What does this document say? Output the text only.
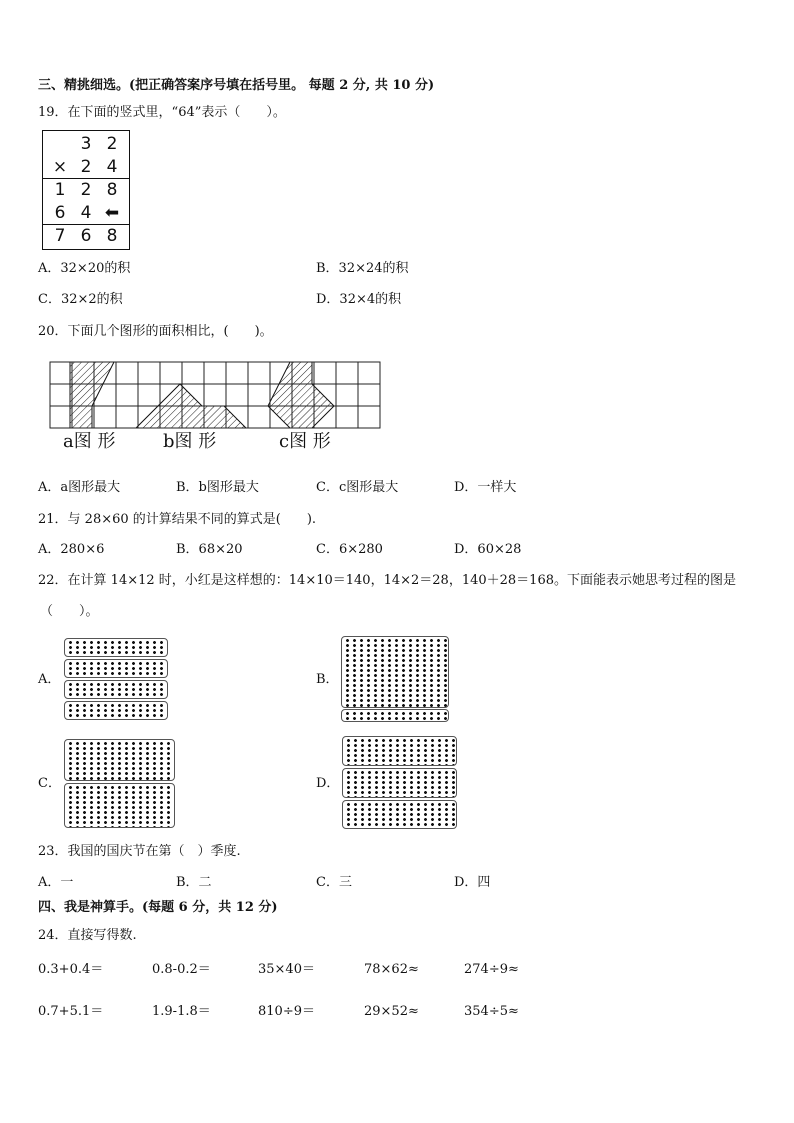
三、精挑细选。(把正确答案序号填在括号里。 每题 2 分, 共 10 分)
19．在下面的竖式里，“64”表示（　　）。
3 2
× 2 4
1 2 8
6 4 ⬅
7 6 8
A．32×20的积	B．32×24的积
C．32×2的积	D．32×4的积
20．下面几个图形的面积相比，(　　)。
a图 形	b图 形	c图 形
A．a图形最大	B．b图形最大	C．c图形最大	D．一样大
21．与 28×60 的计算结果不同的算式是(　　).
A．280×6	B．68×20	C．6×280	D．60×28
22．在计算 14×12 时，小红是这样想的：14×10＝140，14×2＝28，140＋28＝168。下面能表示她思考过程的图是
（　　）。
A．	B．
C．	D．
23．我国的国庆节在第（　）季度.
A．一	B．二	C．三	D．四
四、我是神算手。(每题 6 分，共 12 分)
24．直接写得数.
0.3+0.4＝	0.8-0.2＝	35×40＝	78×62≈	274÷9≈
0.7+5.1＝	1.9-1.8＝	810÷9＝	29×52≈	354÷5≈
